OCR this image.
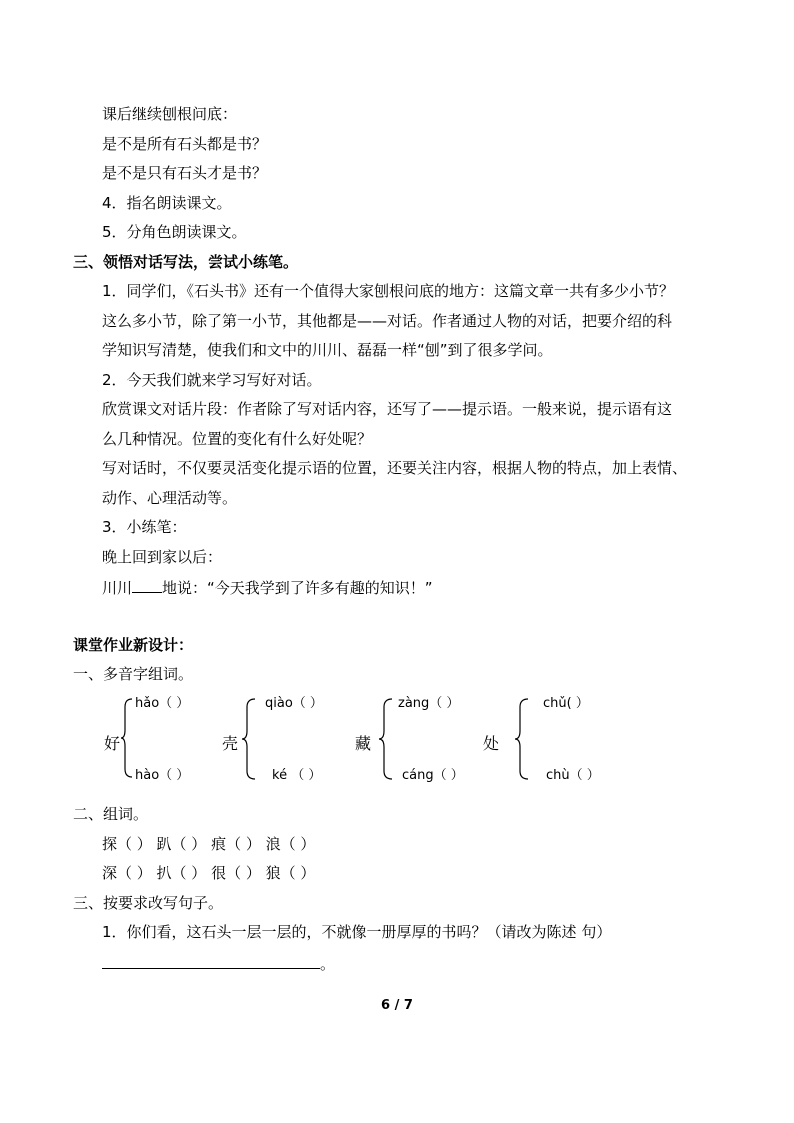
课后继续刨根问底：
是不是所有石头都是书？
是不是只有石头才是书？
4．指名朗读课文。
5．分角色朗读课文。
三、领悟对话写法，尝试小练笔。
1．同学们，《石头书》还有一个值得大家刨根问底的地方：这篇文章一共有多少小节？
这么多小节，除了第一小节，其他都是——对话。作者通过人物的对话，把要介绍的科
学知识写清楚，使我们和文中的川川、磊磊一样“刨”到了很多学问。
2．今天我们就来学习写好对话。
欣赏课文对话片段：作者除了写对话内容，还写了——提示语。一般来说，提示语有这
么几种情况。位置的变化有什么好处呢？
写对话时，不仅要灵活变化提示语的位置，还要关注内容，根据人物的特点，加上表情、
动作、心理活动等。
3．小练笔：
晚上回到家以后：
川川 地说：“今天我学到了许多有趣的知识！”
课堂作业新设计：
一、多音字组词。
hǎo（ ）
好
hào（ ）
qiào（ ）
壳
ké （ ）
zàng（ ）
藏
cáng（ ）
chǔ( ）
处
chù（ ）
二、组词。
探（ ） 趴（ ） 痕（ ） 浪（ ）
深（ ） 扒（ ） 很（ ） 狼（ ）
三、按要求改写句子。
1．你们看，这石头一层一层的，不就像一册厚厚的书吗？（请改为陈述 句）
。
6 / 7
